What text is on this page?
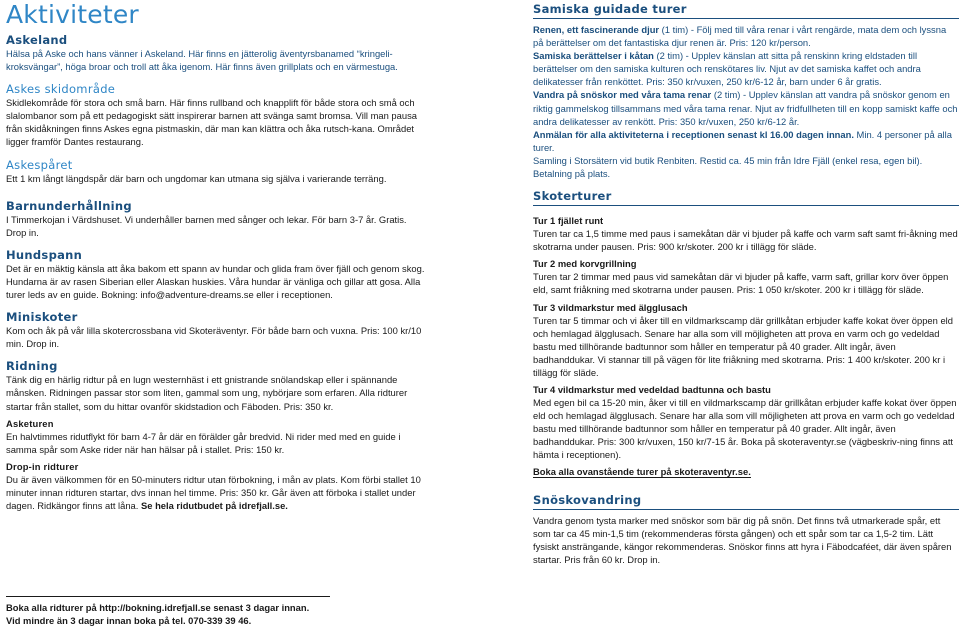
Aktiviteter
Askeland

Hälsa på Aske och hans vänner i Askeland. Här finns en jätterolig äventyrsbanamed “kringeli-kroksvängar”, höga broar och troll att åka igenom. Här finns även grillplats och en värmestuga.

Askes skidområde

Skidlekområde för stora och små barn. Här finns rullband och knapplift för både stora och små och slalombanor som på ett pedagogiskt sätt inspirerar barnen att svänga samt bromsa. Vill man pausa från skidåkningen finns Askes egna pistmaskin, där man kan klättra och åka rutsch-kana. Området ligger framför Dantes restaurang.

Askespåret

Ett 1 km långt längdspår där barn och ungdomar kan utmana sig själva i varierande terräng.

Barnunderhållning

I Timmerkojan i Värdshuset. Vi underhåller barnen med sånger och lekar. För barn 3-7 år. Gratis. Drop in.

Hundspann

Det är en mäktig känsla att åka bakom ett spann av hundar och glida fram över fjäll och genom skog. Hundarna är av rasen Siberian eller Alaskan huskies. Våra hundar är vänliga och gillar att gosa. Alla turer leds av en guide. Bokning: info@adventure-dreams.se eller i receptionen.

Miniskoter

Kom och åk på vår lilla skotercrossbana vid Skoteräventyr. För både barn och vuxna. Pris: 100 kr/10 min. Drop in.

Ridning

Tänk dig en härlig ridtur på en lugn westernhäst i ett gnistrande snölandskap eller i spännande månsken. Ridningen passar stor som liten, gammal som ung, nybörjare som erfaren. Alla ridturer startar från stallet, som du hittar ovanför skidstadion och Fäboden. Pris: 350 kr.

Asketuren

En halvtimmes ridutflykt för barn 4-7 år där en förälder går bredvid. Ni rider med med en guide i samma spår som Aske rider när han hälsar på i stallet. Pris: 150 kr.

Drop-in ridturer

Du är även välkommen för en 50-minuters ridtur utan förbokning, i mån av plats. Kom förbi stallet 10 minuter innan ridturen startar, dvs innan hel timme. Pris: 350 kr. Går även att förboka i stallet under dagen. Ridkängor finns att låna. Se hela ridutbudet på idrefjall.se.

Boka alla ridturer på http://bokning.idrefjall.se senast 3 dagar innan.
Vid mindre än 3 dagar innan boka på tel. 070-339 39 46.
Samiska guidade turer

Renen, ett fascinerande djur (1 tim) - Följ med till våra renar i vårt rengärde, mata dem och lyssna på berättelser om det fantastiska djur renen är. Pris: 120 kr/person.

Samiska berättelser i kåtan (2 tim) - Upplev känslan att sitta på renskinn kring eldstaden till berättelser om den samiska kulturen och renskötares liv. Njut av det samiska kaffet och andra delikatesser från renköttet. Pris: 350 kr/vuxen, 250 kr/6-12 år, barn under 6 år gratis.

Vandra på snöskor med våra tama renar (2 tim) - Upplev känslan att vandra på snöskor genom en riktig gammelskog tillsammans med våra tama renar. Njut av fridfullheten till en kopp samiskt kaffe och andra delikatesser av renkött. Pris: 350 kr/vuxen, 250 kr/6-12 år.

Anmälan för alla aktiviteterna i receptionen senast kl 16.00 dagen innan. Min. 4 personer på alla turer.

Samling i Storsätern vid butik Renbiten. Restid ca. 45 min från Idre Fjäll (enkel resa, egen bil). Betalning på plats.

Skoterturer
Tur 1 fjället runt

Turen tar ca 1,5 timme med paus i samekåtan där vi bjuder på kaffe och varm saft samt fri-åkning med skotrarna under pausen. Pris: 900 kr/skoter. 200 kr i tillägg för släde.

Tur 2 med korvgrillning

Turen tar 2 timmar med paus vid samekåtan där vi bjuder på kaffe, varm saft, grillar korv över öppen eld, samt friåkning med skotrarna under pausen. Pris: 1 050 kr/skoter. 200 kr i tillägg för släde.

Tur 3 vildmarkstur med älgglusach

Turen tar 5 timmar och vi åker till en vildmarkscamp där grillkåtan erbjuder kaffe kokat över öppen eld och hemlagad älgglusach. Senare har alla som vill möjligheten att prova en varm och go vedeldad bastu med tillhörande badtunnor som håller en temperatur på 40 grader. Allt ingår, även badhanddukar. Vi stannar till på vägen för lite friåkning med skotrarna. Pris: 1 400 kr/skoter. 200 kr i tillägg för släde.

Tur 4 vildmarkstur med vedeldad badtunna och bastu

Med egen bil ca 15-20 min, åker vi till en vildmarkscamp där grillkåtan erbjuder kaffe kokat över öppen eld och hemlagad älgglusach. Senare har alla som vill möjligheten att prova en varm och go vedeldad bastu med tillhörande badtunnor som håller en temperatur på 40 grader. Allt ingår, även badhanddukar. Pris: 300 kr/vuxen, 150 kr/7-15 år. Boka på skoteraventyr.se (vägbeskriv-ning finns att hämta i receptionen).

Boka alla ovanstående turer på skoteraventyr.se.

Snöskovandring

Vandra genom tysta marker med snöskor som bär dig på snön. Det finns två utmarkerade spår, ett som tar ca 45 min-1,5 tim (rekommenderas första gången) och ett spår som tar ca 1,5-2 tim. Lätt fysiskt ansträngande, kängor rekommenderas. Snöskor finns att hyra i Fäbodcaféet, där även spåren startar. Pris från 60 kr. Drop in.
